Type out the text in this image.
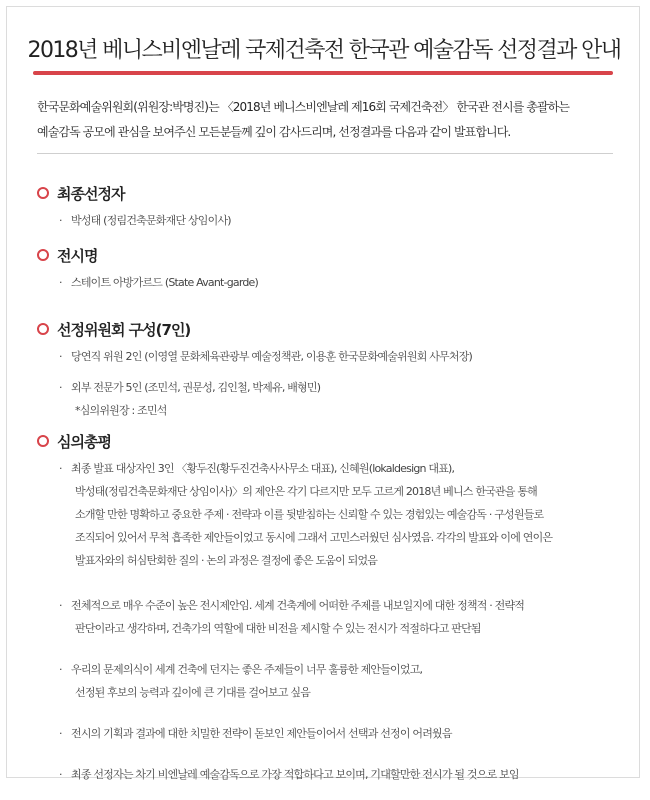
2018년 베니스비엔날레 국제건축전 한국관 예술감독 선정결과 안내
한국문화예술위원회(위원장:박명진)는 〈2018년 베니스비엔날레 제16회 국제건축전〉 한국관 전시를 총괄하는
예술감독 공모에 관심을 보여주신 모든분들께 깊이 감사드리며, 선정결과를 다음과 같이 발표합니다.
최종선정자
· 박성태 (정림건축문화재단 상임이사)
전시명
· 스테이트 아방가르드 (State Avant-garde)
선정위원회 구성(7인)
· 당연직 위원 2인 (이영열 문화체육관광부 예술정책관, 이용훈 한국문화예술위원회 사무처장)
· 외부 전문가 5인 (조민석, 권문성, 김인철, 박제유, 배형민)
*심의위원장 : 조민석
심의총평
· 최종 발표 대상자인 3인 〈황두진(황두진건축사사무소 대표), 신혜원(lokaldesign 대표),
박성태(정림건축문화재단 상임이사)〉의 제안은 각기 다르지만 모두 고르게 2018년 베니스 한국관을 통해
소개할 만한 명확하고 중요한 주제 · 전략과 이를 뒷받침하는 신뢰할 수 있는 경험있는 예술감독 · 구성원들로
조직되어 있어서 무척 흡족한 제안들이었고 동시에 그래서 고민스러웠던 심사였음. 각각의 발표와 이에 연이은
발표자와의 허심탄회한 질의 · 논의 과정은 결정에 좋은 도움이 되었음
· 전체적으로 매우 수준이 높은 전시제안임. 세계 건축계에 어떠한 주제를 내보일지에 대한 정책적 · 전략적
판단이라고 생각하며, 건축가의 역할에 대한 비전을 제시할 수 있는 전시가 적절하다고 판단됨
· 우리의 문제의식이 세계 건축에 던지는 좋은 주제들이 너무 훌륭한 제안들이었고,
선정된 후보의 능력과 깊이에 큰 기대를 걸어보고 싶음
· 전시의 기획과 결과에 대한 치밀한 전략이 돋보인 제안들이어서 선택과 선정이 어려웠음
· 최종 선정자는 차기 비엔날레 예술감독으로 가장 적합하다고 보이며, 기대할만한 전시가 될 것으로 보임
